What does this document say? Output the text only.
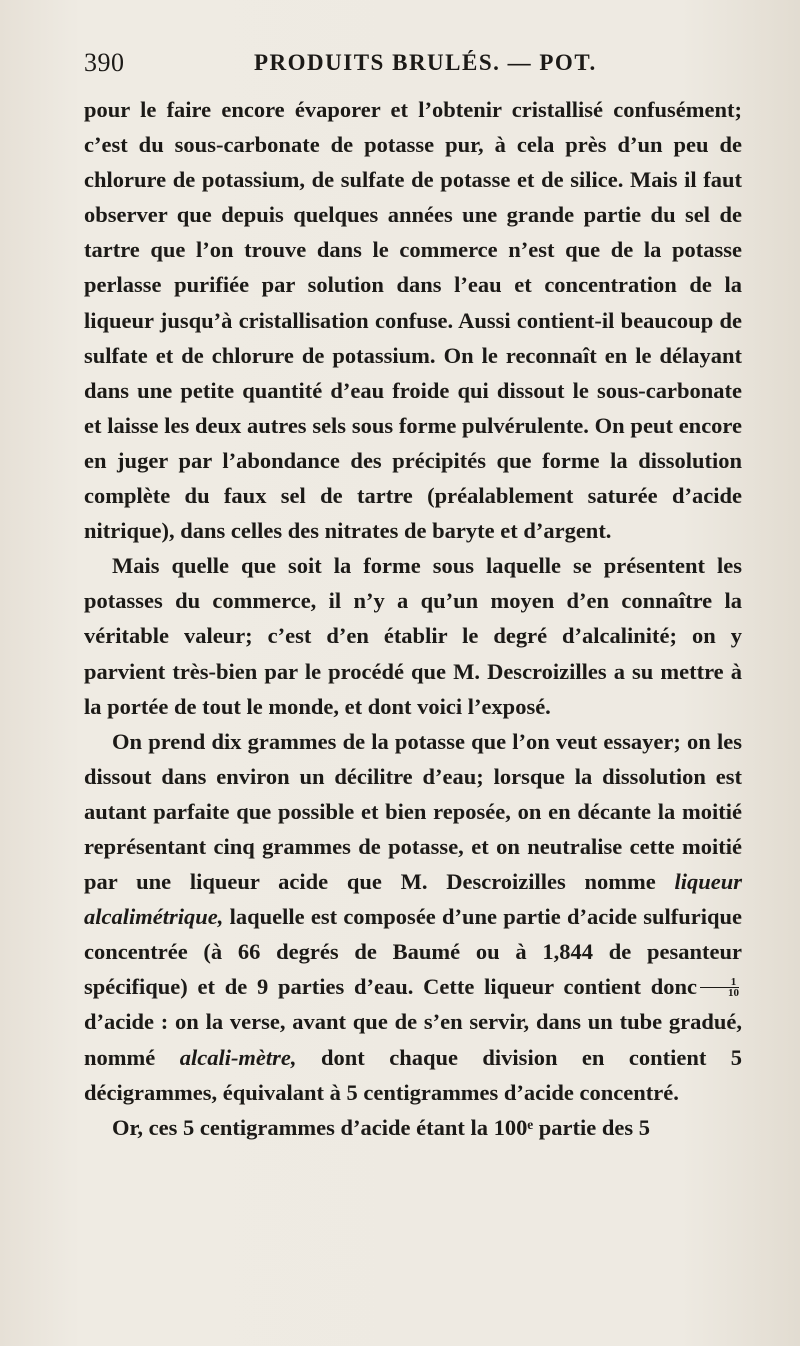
390	PRODUITS BRULÉS. — POT.

pour le faire encore évaporer et l’obtenir cristallisé confusément; c’est du sous-carbonate de potasse pur, à cela près d’un peu de chlorure de potassium, de sulfate de potasse et de silice. Mais il faut observer que depuis quelques années une grande partie du sel de tartre que l’on trouve dans le commerce n’est que de la potasse perlasse purifiée par solution dans l’eau et concentration de la liqueur jusqu’à cristallisation confuse. Aussi contient-il beaucoup de sulfate et de chlorure de potassium. On le reconnaît en le délayant dans une petite quantité d’eau froide qui dissout le sous-carbonate et laisse les deux autres sels sous forme pulvérulente. On peut encore en juger par l’abondance des précipités que forme la dissolution complète du faux sel de tartre (préalablement saturée d’acide nitrique), dans celles des nitrates de baryte et d’argent.

Mais quelle que soit la forme sous laquelle se présentent les potasses du commerce, il n’y a qu’un moyen d’en connaître la véritable valeur; c’est d’en établir le degré d’alcalinité; on y parvient très-bien par le procédé que M. Descroizilles a su mettre à la portée de tout le monde, et dont voici l’exposé.

On prend dix grammes de la potasse que l’on veut essayer; on les dissout dans environ un décilitre d’eau; lorsque la dissolution est autant parfaite que possible et bien reposée, on en décante la moitié représentant cinq grammes de potasse, et on neutralise cette moitié par une liqueur acide que M. Descroizilles nomme liqueur alcalimétrique, laquelle est composée d’une partie d’acide sulfurique concentrée (à 66 degrés de Baumé ou à 1,844 de pesanteur spécifique) et de 9 parties d’eau. Cette liqueur contient donc $\frac{1}{10}$
d’acide : on la verse, avant que de s’en servir, dans un tube gradué, nommé alcali-mètre, dont chaque division en contient 5 décigrammes, équivalant à 5 centigrammes d’acide concentré.

Or, ces 5 centigrammes d’acide étant la 100ᵉ partie des 5
